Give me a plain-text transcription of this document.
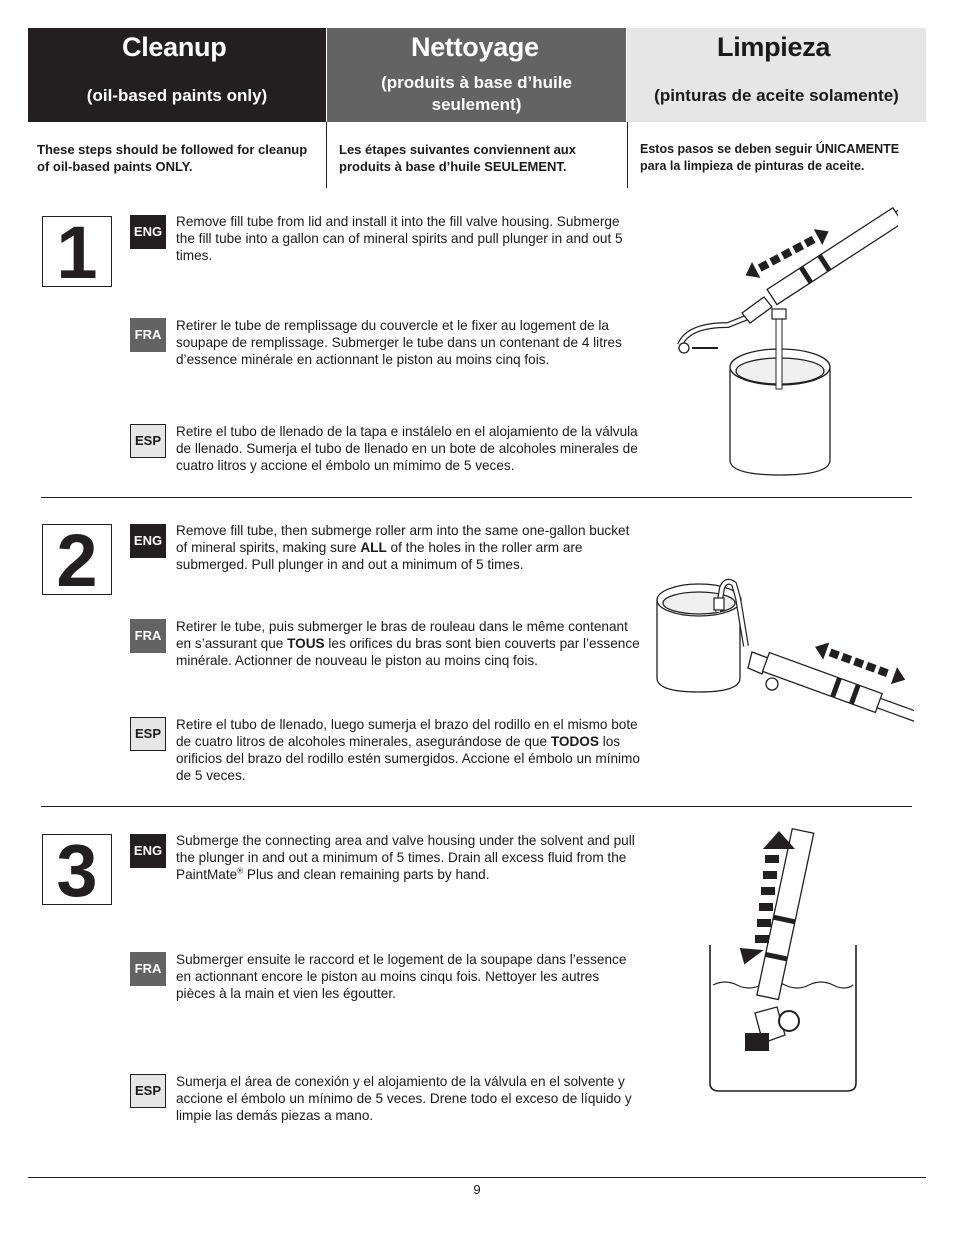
Cleanup
(oil-based paints only)
Nettoyage
(produits à base d’huile seulement)
Limpieza
(pinturas de aceite solamente)
These steps should be followed for cleanup of oil-based paints ONLY.
Les étapes suivantes conviennent aux produits à base d’huile SEULEMENT.
Estos pasos se deben seguir ÚNICAMENTE para la limpieza de pinturas de aceite.
1	ENG
Remove fill tube from lid and install it into the fill valve housing. Submerge the fill tube into a gallon can of mineral spirits and pull plunger in and out 5 times.
FRA
Retirer le tube de remplissage du couvercle et le fixer au logement de la soupape de remplissage. Submerger le tube dans un contenant de 4 litres d’essence minérale en actionnant le piston au moins cinq fois.
ESP
Retire el tubo de llenado de la tapa e instálelo en el alojamiento de la válvula de llenado. Sumerja el tubo de llenado en un bote de alcoholes minerales de cuatro litros y accione el émbolo un mímimo de 5 veces.
2	ENG
Remove fill tube, then submerge roller arm into the same one-gallon bucket of mineral spirits, making sure ALL of the holes in the roller arm are submerged. Pull plunger in and out a minimum of 5 times.
FRA
Retirer le tube, puis submerger le bras de rouleau dans le même contenant en s’assurant que TOUS les orifices du bras sont bien couverts par l’essence minérale. Actionner de nouveau le piston au moins cinq fois.
ESP
Retire el tubo de llenado, luego sumerja el brazo del rodillo en el mismo bote de cuatro litros de alcoholes minerales, asegurándose de que TODOS los orificios del brazo del rodillo estén sumergidos. Accione el émbolo un mínimo de 5 veces.
3	ENG
Submerge the connecting area and valve housing under the solvent and pull the plunger in and out a minimum of 5 times. Drain all excess fluid from the PaintMate® Plus and clean remaining parts by hand.
FRA
Submerger ensuite le raccord et le logement de la soupape dans l’essence en actionnant encore le piston au moins cinqu fois. Nettoyer les autres pièces à la main et vien les égoutter.
ESP
Sumerja el área de conexión y el alojamiento de la válvula en el solvente y accione el émbolo un mínimo de 5 veces. Drene todo el exceso de líquido y limpie las demás piezas a mano.
9
